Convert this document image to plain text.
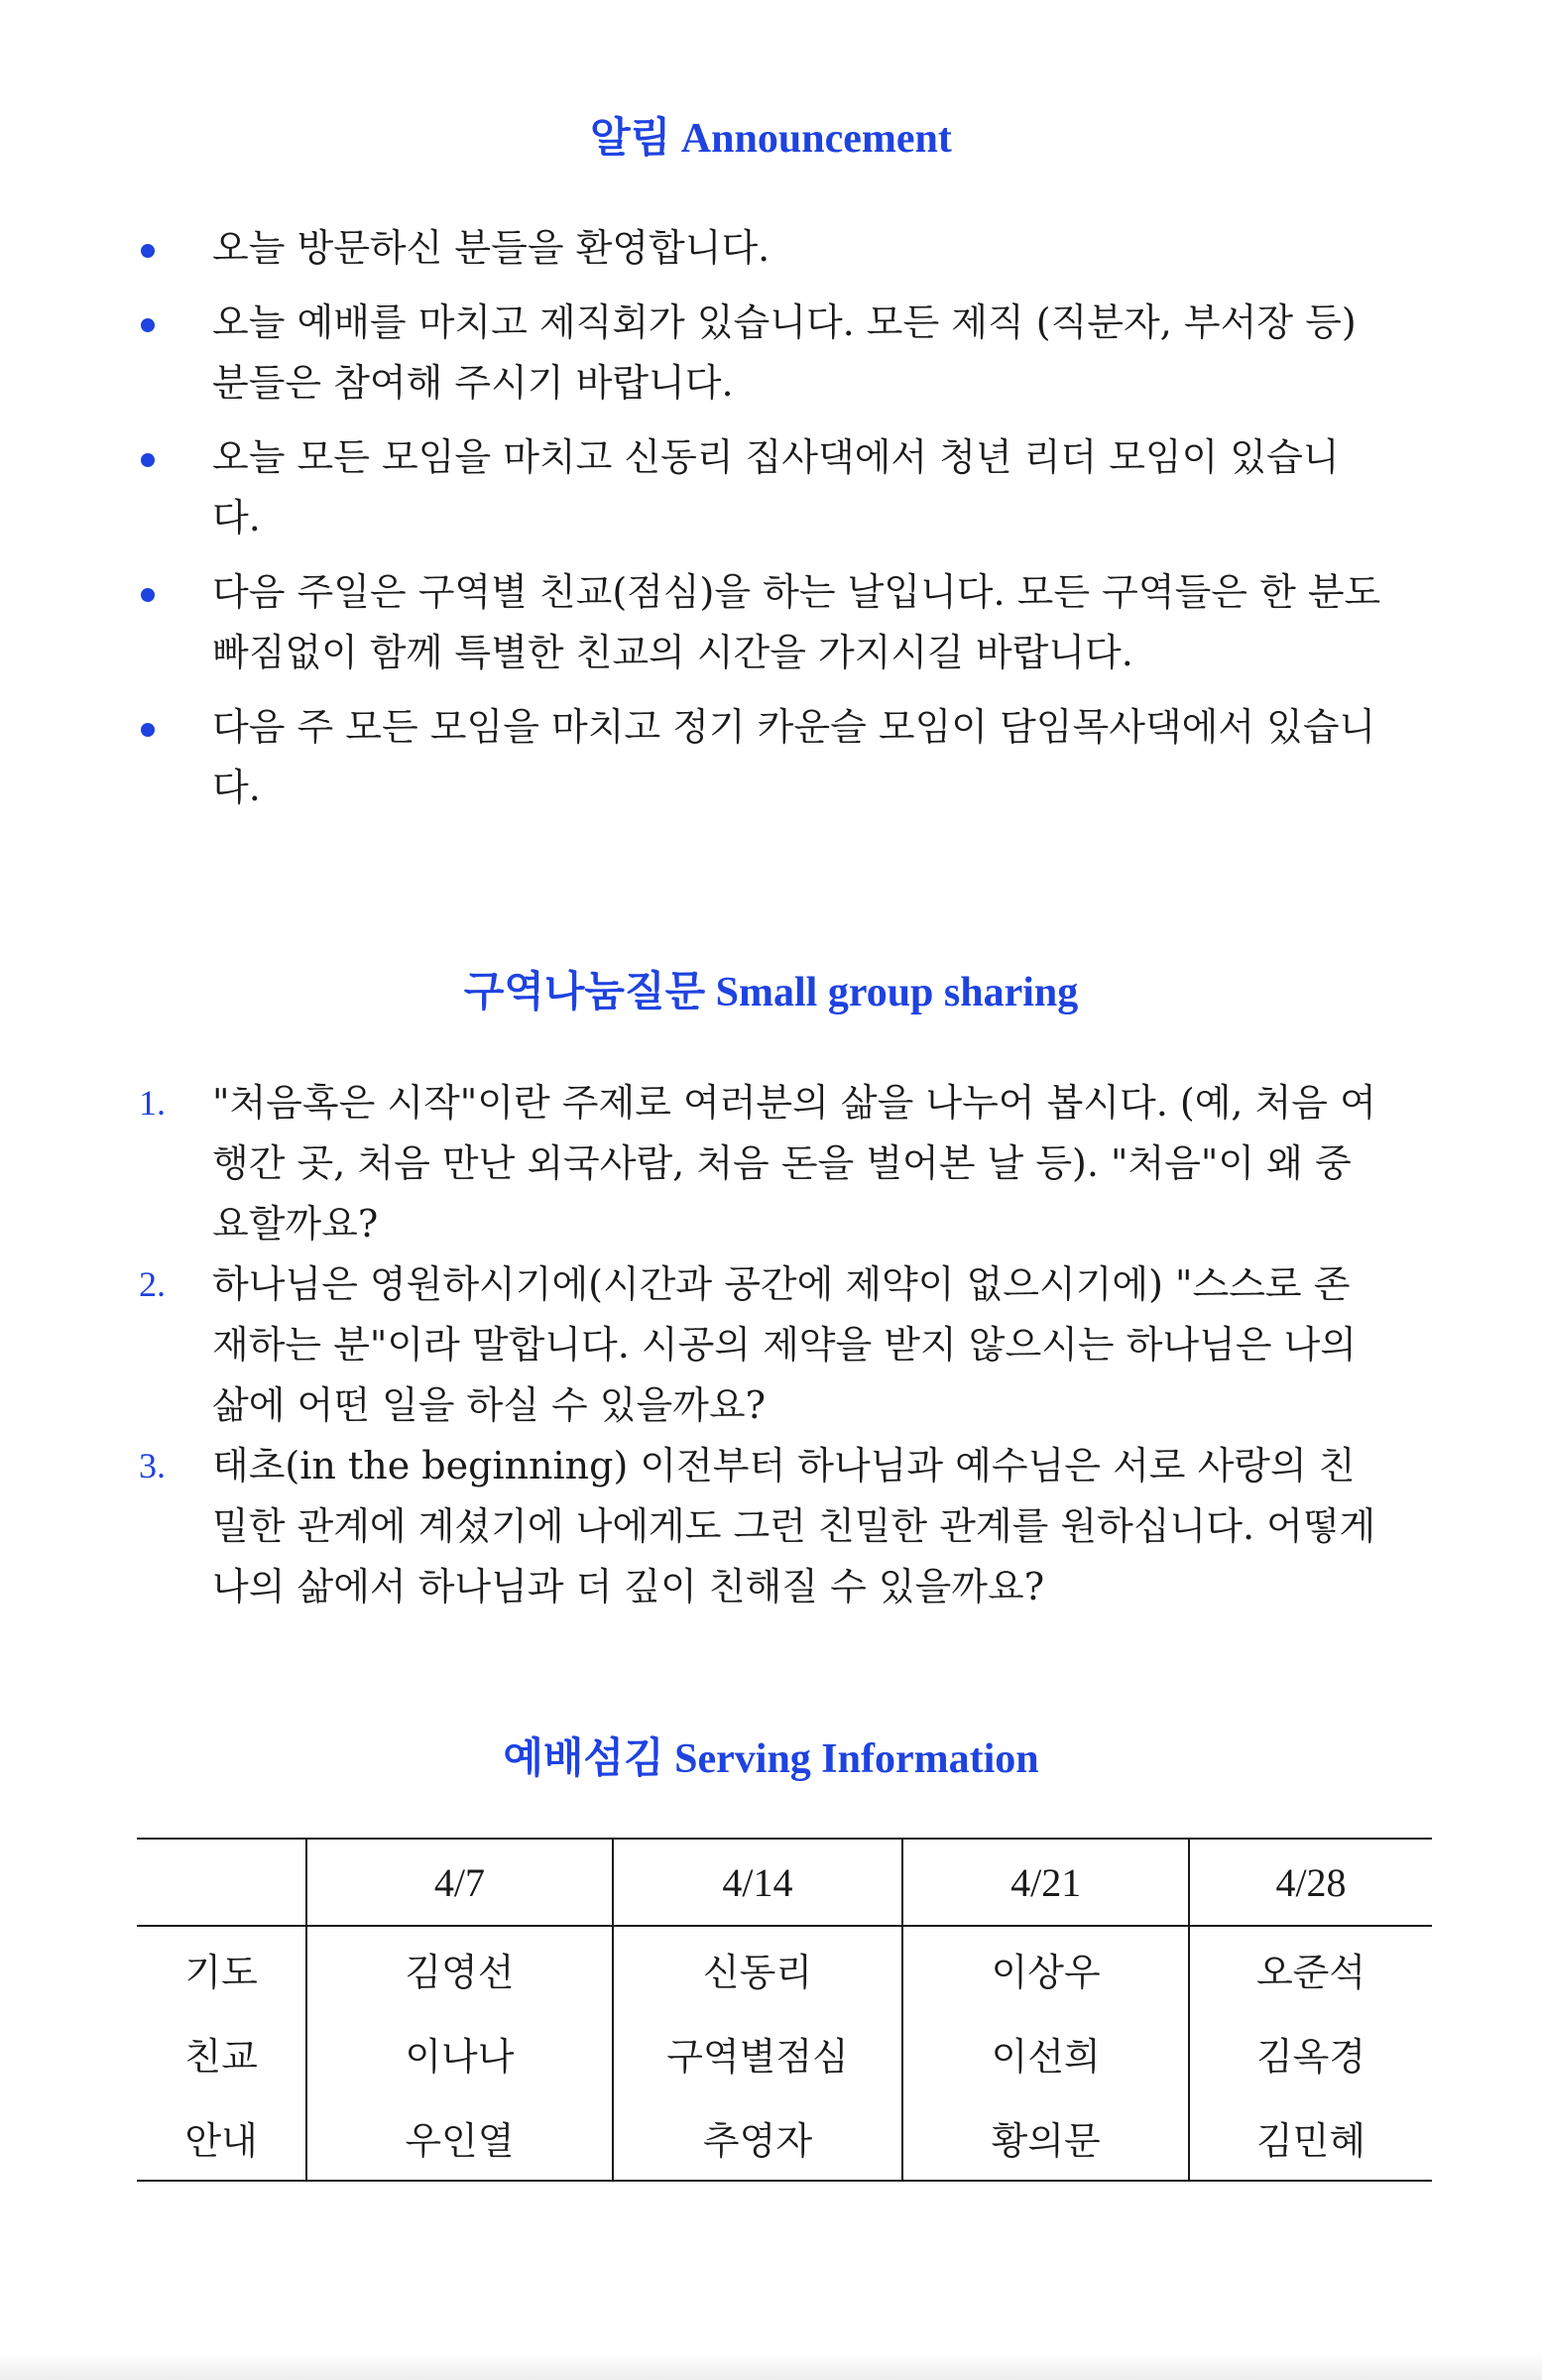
알림 Announcement
오늘 방문하신 분들을 환영합니다.
오늘 예배를 마치고 제직회가 있습니다. 모든 제직 (직분자, 부서장 등) 분들은 참여해 주시기 바랍니다.
오늘 모든 모임을 마치고 신동리 집사댁에서 청년 리더 모임이 있습니다.
다음 주일은 구역별 친교(점심)을 하는 날입니다. 모든 구역들은 한 분도 빠짐없이 함께 특별한 친교의 시간을 가지시길 바랍니다.
다음 주 모든 모임을 마치고 정기 카운슬 모임이 담임목사댁에서 있습니다.
구역나눔질문 Small group sharing
1. "처음혹은 시작"이란 주제로 여러분의 삶을 나누어 봅시다. (예, 처음 여행간 곳, 처음 만난 외국사람, 처음 돈을 벌어본 날 등). "처음"이 왜 중요할까요?
2. 하나님은 영원하시기에(시간과 공간에 제약이 없으시기에) "스스로 존재하는 분"이라 말합니다. 시공의 제약을 받지 않으시는 하나님은 나의 삶에 어떤 일을 하실 수 있을까요?
3. 태초(in the beginning) 이전부터 하나님과 예수님은 서로 사랑의 친밀한 관계에 계셨기에 나에게도 그런 친밀한 관계를 원하십니다. 어떻게 나의 삶에서 하나님과 더 깊이 친해질 수 있을까요?
예배섬김 Serving Information
	4/7	4/14	4/21	4/28
기도	김영선	신동리	이상우	오준석
친교	이나나	구역별점심	이선희	김옥경
안내	우인열	추영자	황의문	김민혜
